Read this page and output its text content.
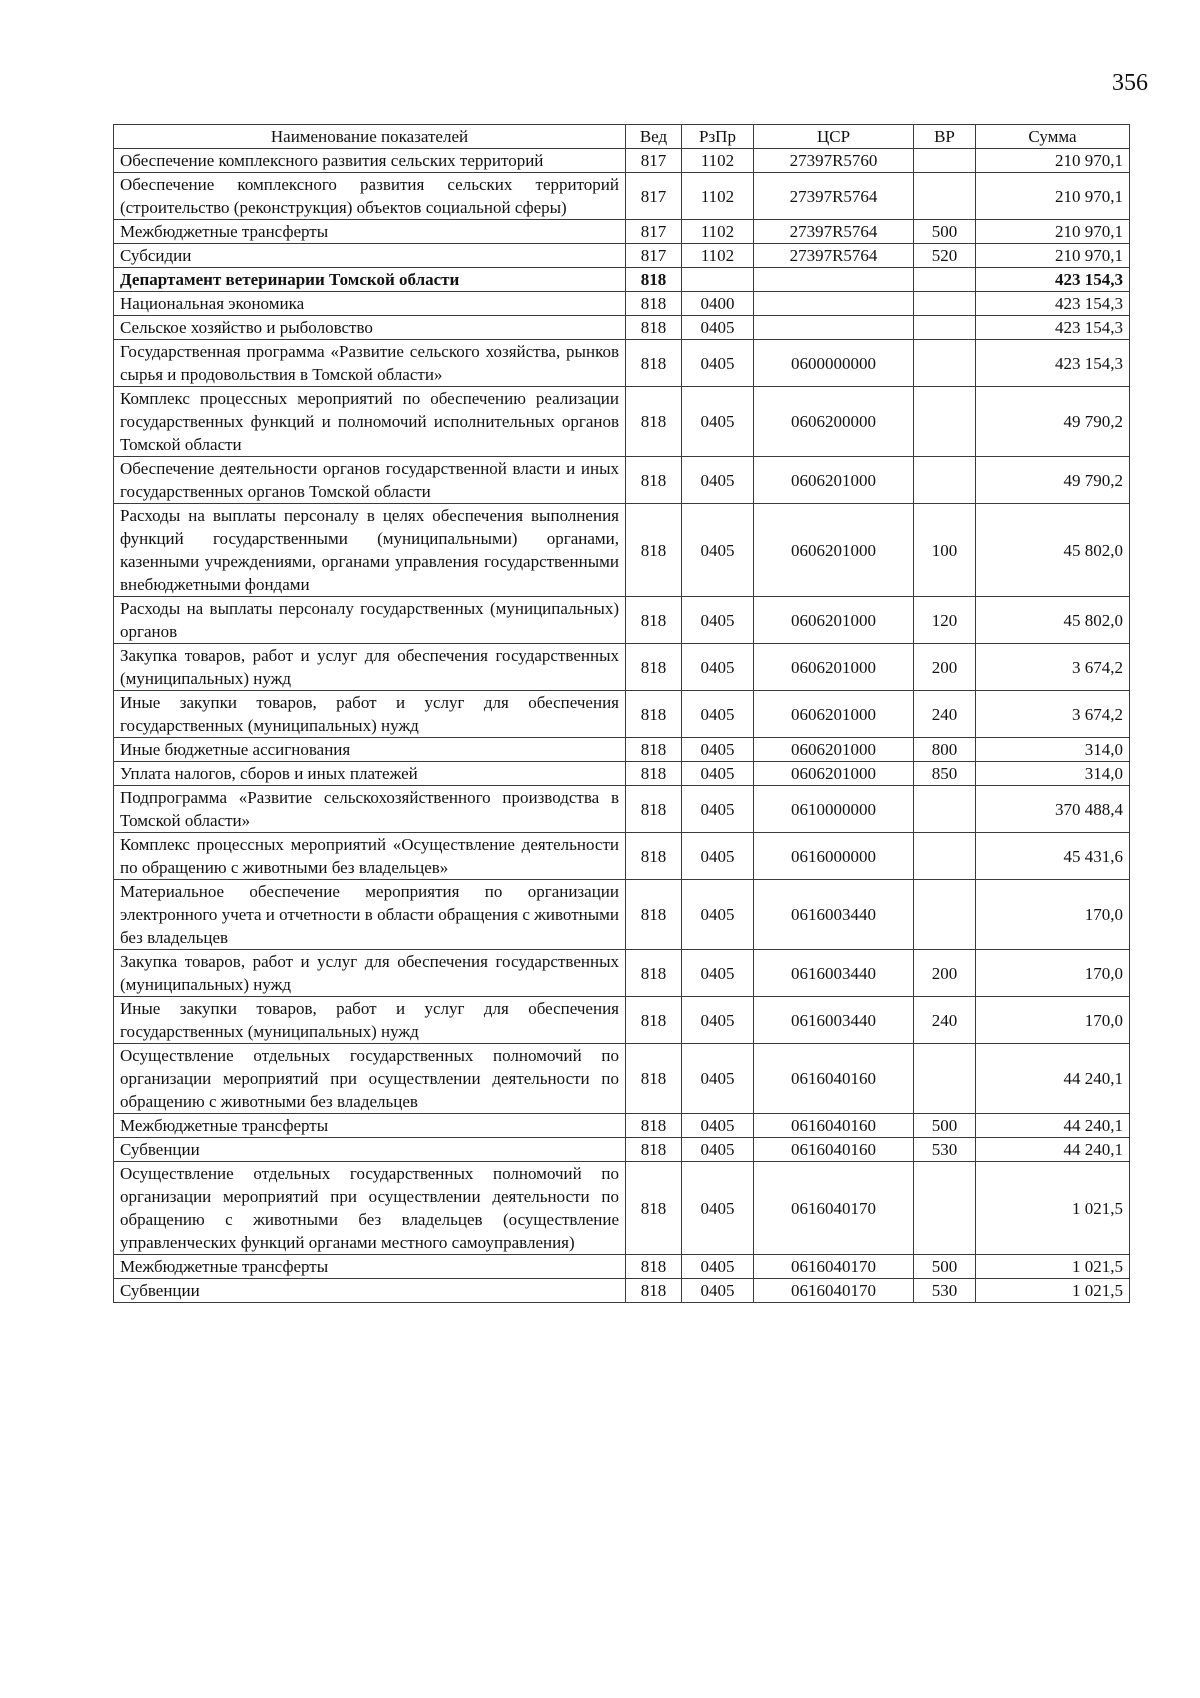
356
Наименование показателей	Вед	РзПр	ЦСР	ВР	Сумма
Обеспечение комплексного развития сельских территорий	817	1102	27397R5760		210 970,1
Обеспечение комплексного развития сельских территорий (строительство (реконструкция) объектов социальной сферы)	817	1102	27397R5764		210 970,1
Межбюджетные трансферты	817	1102	27397R5764	500	210 970,1
Субсидии	817	1102	27397R5764	520	210 970,1
Департамент ветеринарии Томской области	818				423 154,3
Национальная экономика	818	0400			423 154,3
Сельское хозяйство и рыболовство	818	0405			423 154,3
Государственная программа «Развитие сельского хозяйства, рынков сырья и продовольствия в Томской области»	818	0405	0600000000		423 154,3
Комплекс процессных мероприятий по обеспечению реализации государственных функций и полномочий исполнительных органов Томской области	818	0405	0606200000		49 790,2
Обеспечение деятельности органов государственной власти и иных государственных органов Томской области	818	0405	0606201000		49 790,2
Расходы на выплаты персоналу в целях обеспечения выполнения функций государственными (муниципальными) органами, казенными учреждениями, органами управления государственными внебюджетными фондами	818	0405	0606201000	100	45 802,0
Расходы на выплаты персоналу государственных (муниципальных) органов	818	0405	0606201000	120	45 802,0
Закупка товаров, работ и услуг для обеспечения государственных (муниципальных) нужд	818	0405	0606201000	200	3 674,2
Иные закупки товаров, работ и услуг для обеспечения государственных (муниципальных) нужд	818	0405	0606201000	240	3 674,2
Иные бюджетные ассигнования	818	0405	0606201000	800	314,0
Уплата налогов, сборов и иных платежей	818	0405	0606201000	850	314,0
Подпрограмма «Развитие сельскохозяйственного производства в Томской области»	818	0405	0610000000		370 488,4
Комплекс процессных мероприятий «Осуществление деятельности по обращению с животными без владельцев»	818	0405	0616000000		45 431,6
Материальное обеспечение мероприятия по организации электронного учета и отчетности в области обращения с животными без владельцев	818	0405	0616003440		170,0
Закупка товаров, работ и услуг для обеспечения государственных (муниципальных) нужд	818	0405	0616003440	200	170,0
Иные закупки товаров, работ и услуг для обеспечения государственных (муниципальных) нужд	818	0405	0616003440	240	170,0
Осуществление отдельных государственных полномочий по организации мероприятий при осуществлении деятельности по обращению с животными без владельцев	818	0405	0616040160		44 240,1
Межбюджетные трансферты	818	0405	0616040160	500	44 240,1
Субвенции	818	0405	0616040160	530	44 240,1
Осуществление отдельных государственных полномочий по организации мероприятий при осуществлении деятельности по обращению с животными без владельцев (осуществление управленческих функций органами местного самоуправления)	818	0405	0616040170		1 021,5
Межбюджетные трансферты	818	0405	0616040170	500	1 021,5
Субвенции	818	0405	0616040170	530	1 021,5
